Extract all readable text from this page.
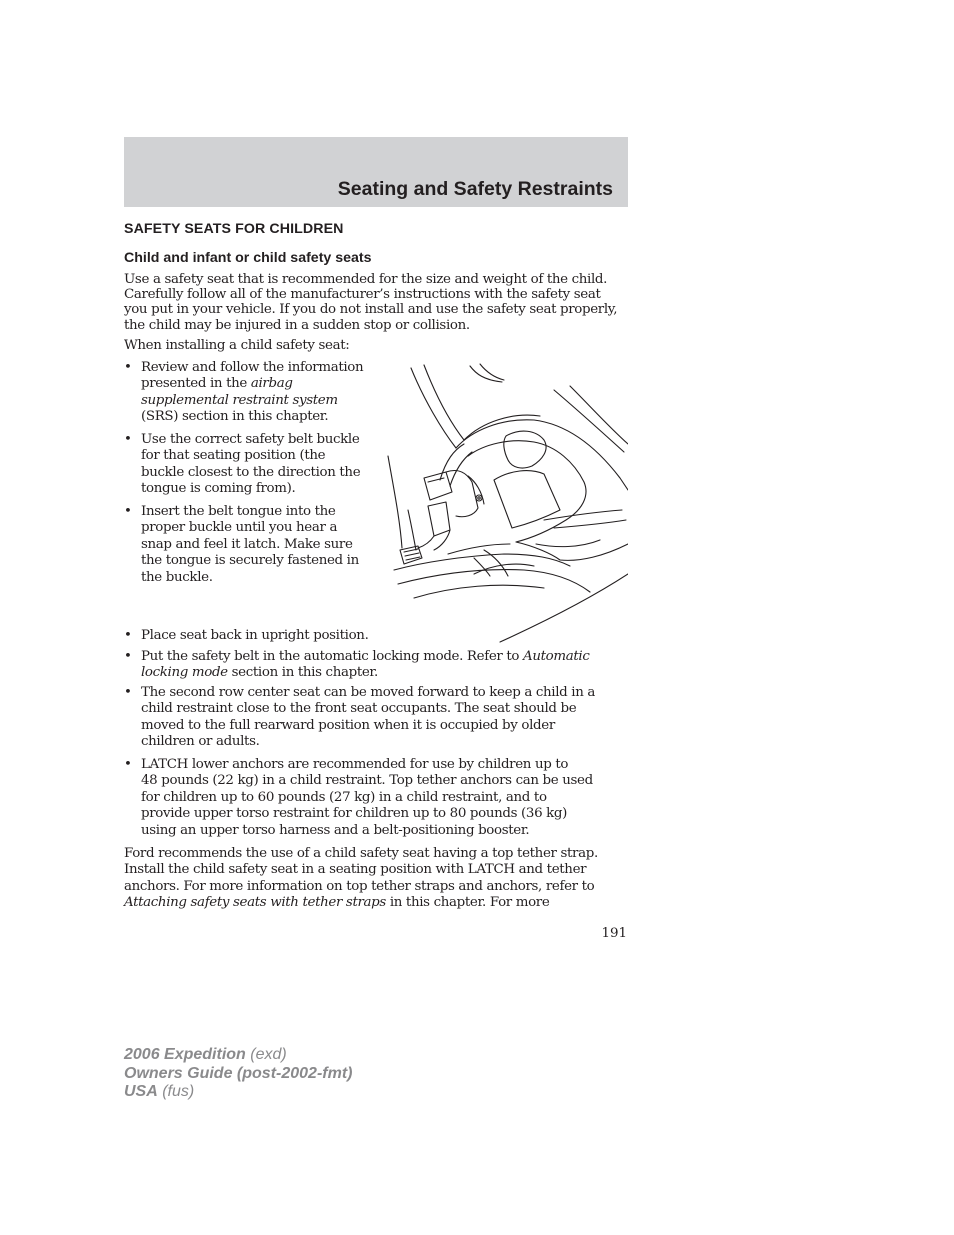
Seating and Safety Restraints
SAFETY SEATS FOR CHILDREN
Child and infant or child safety seats

Use a safety seat that is recommended for the size and weight of the child.
Carefully follow all of the manufacturer’s instructions with the safety seat
you put in your vehicle. If you do not install and use the safety seat properly,
the child may be injured in a sudden stop or collision.

When installing a child safety seat:

• Review and follow the information
presented in the airbag
supplemental restraint system
(SRS) section in this chapter.
• Use the correct safety belt buckle
for that seating position (the
buckle closest to the direction the
tongue is coming from).
• Insert the belt tongue into the
proper buckle until you hear a
snap and feel it latch. Make sure
the tongue is securely fastened in
the buckle.
• Place seat back in upright position.
• Put the safety belt in the automatic locking mode. Refer to Automatic
locking mode section in this chapter.
• The second row center seat can be moved forward to keep a child in a
child restraint close to the front seat occupants. The seat should be
moved to the full rearward position when it is occupied by older
children or adults.
• LATCH lower anchors are recommended for use by children up to
48 pounds (22 kg) in a child restraint. Top tether anchors can be used
for children up to 60 pounds (27 kg) in a child restraint, and to
provide upper torso restraint for children up to 80 pounds (36 kg)
using an upper torso harness and a belt-positioning booster.

Ford recommends the use of a child safety seat having a top tether strap.
Install the child safety seat in a seating position with LATCH and tether
anchors. For more information on top tether straps and anchors, refer to
Attaching safety seats with tether straps in this chapter. For more

191

2006 Expedition (exd)
Owners Guide (post-2002-fmt)
USA (fus)
